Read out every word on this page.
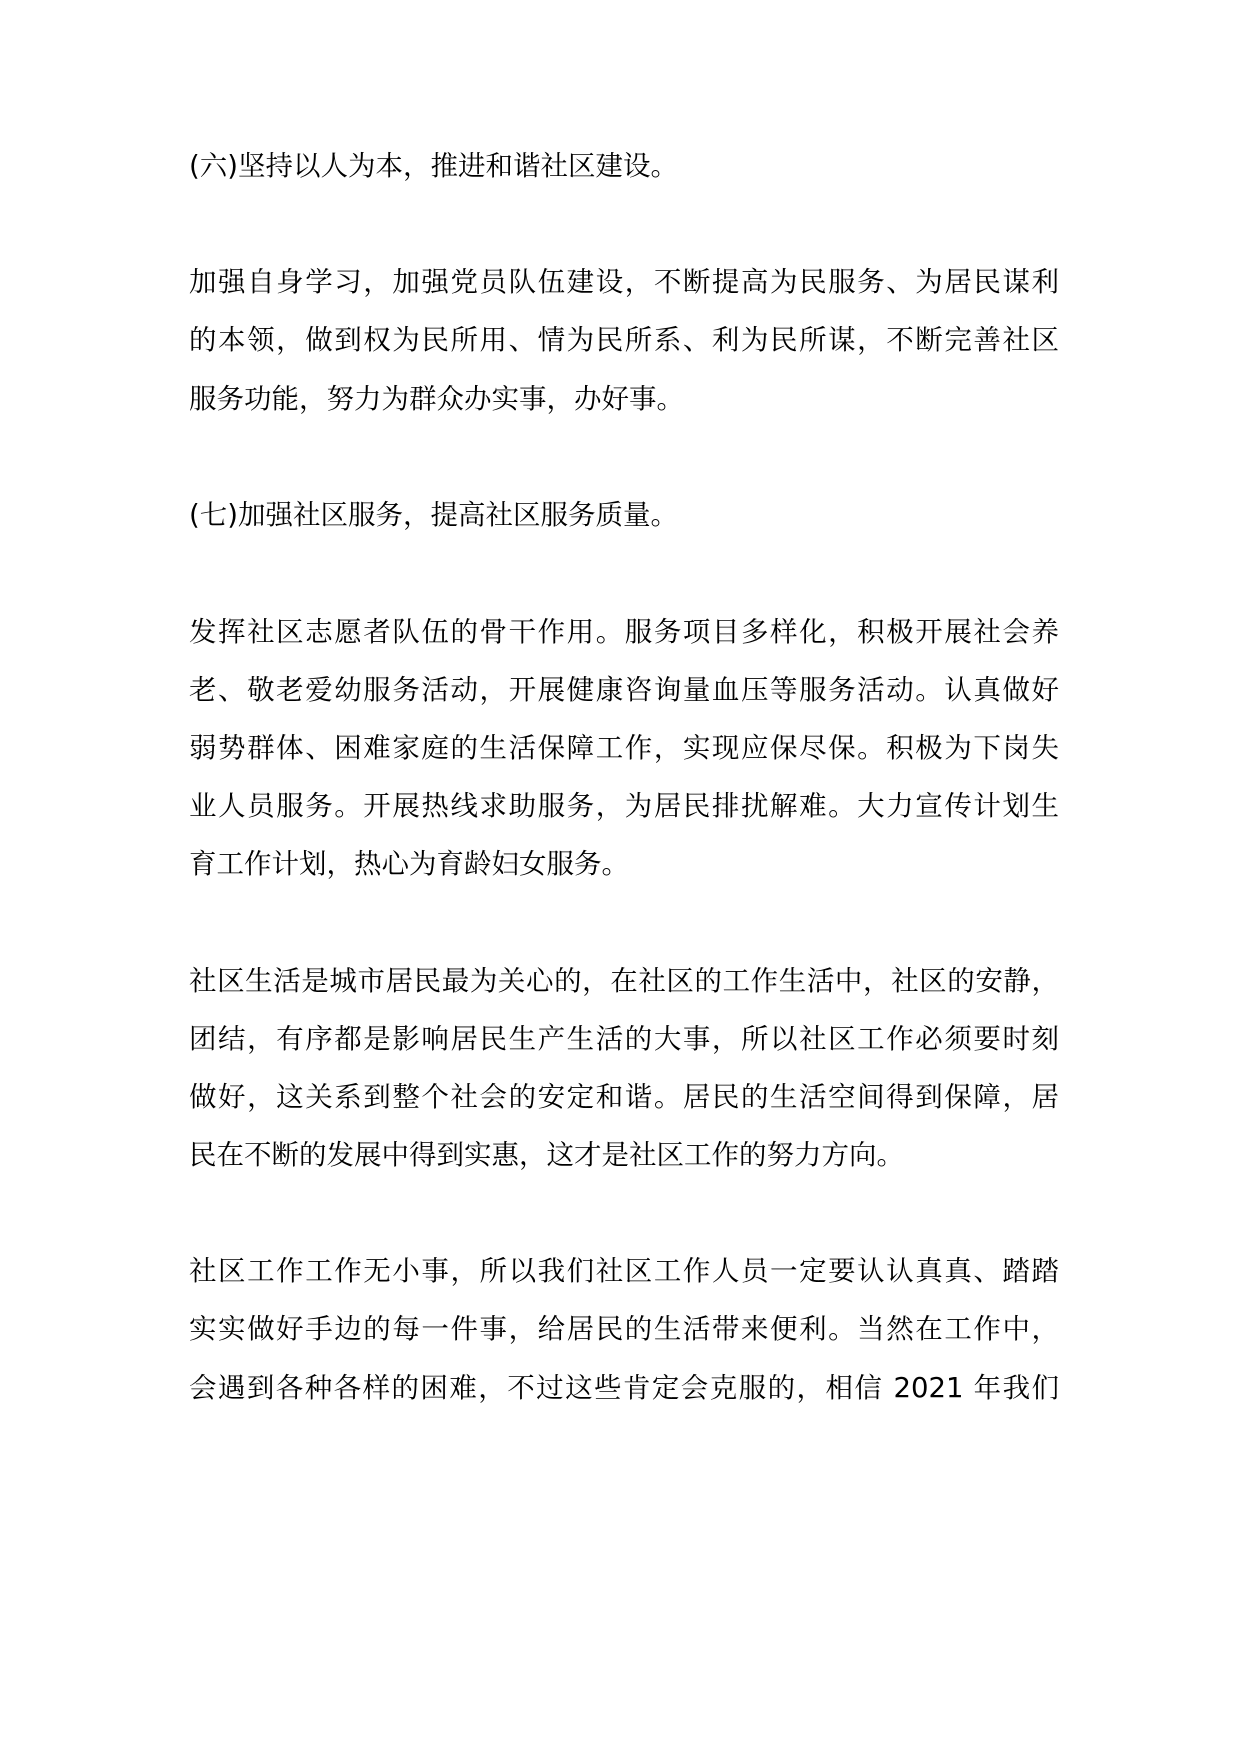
(六)坚持以人为本，推进和谐社区建设。

加强自身学习，加强党员队伍建设，不断提高为民服务、为居民谋利

的本领，做到权为民所用、情为民所系、利为民所谋，不断完善社区

服务功能，努力为群众办实事，办好事。

(七)加强社区服务，提高社区服务质量。

发挥社区志愿者队伍的骨干作用。服务项目多样化，积极开展社会养

老、敬老爱幼服务活动，开展健康咨询量血压等服务活动。认真做好

弱势群体、困难家庭的生活保障工作，实现应保尽保。积极为下岗失

业人员服务。开展热线求助服务，为居民排扰解难。大力宣传计划生

育工作计划，热心为育龄妇女服务。

社区生活是城市居民最为关心的，在社区的工作生活中，社区的安静，

团结，有序都是影响居民生产生活的大事，所以社区工作必须要时刻

做好，这关系到整个社会的安定和谐。居民的生活空间得到保障，居

民在不断的发展中得到实惠，这才是社区工作的努力方向。

社区工作工作无小事，所以我们社区工作人员一定要认认真真、踏踏

实实做好手边的每一件事，给居民的生活带来便利。当然在工作中，

会遇到各种各样的困难，不过这些肯定会克服的，相信 2021 年我们
